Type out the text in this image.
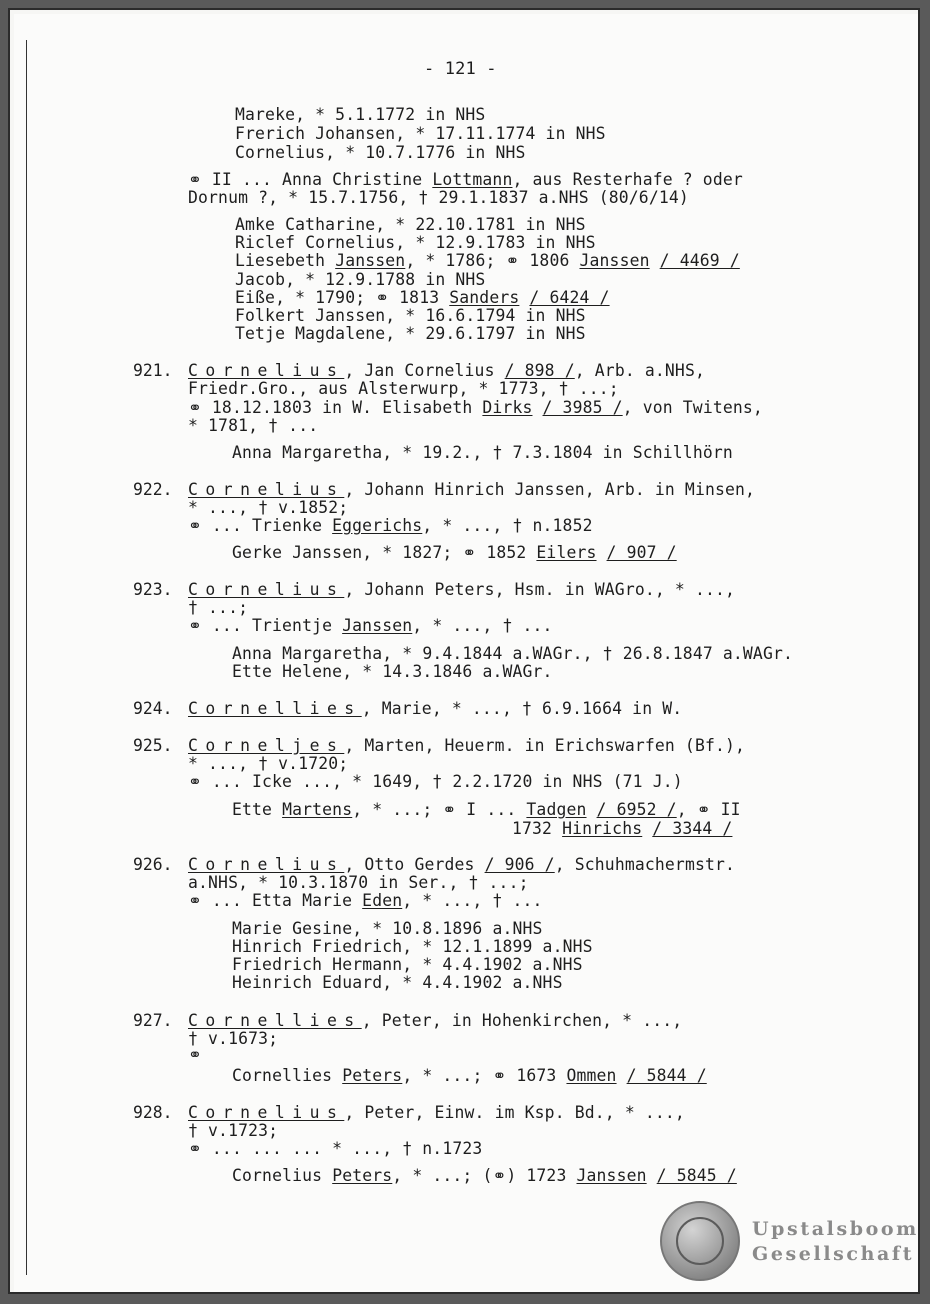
- 121 -
Mareke, * 5.1.1772 in NHS
Frerich Johansen, * 17.11.1774 in NHS
Cornelius, * 10.7.1776 in NHS
⚭ II ... Anna Christine Lottmann, aus Resterhafe ? oder
Dornum ?, * 15.7.1756, † 29.1.1837 a.NHS (80/6/14)
Amke Catharine, * 22.10.1781 in NHS
Riclef Cornelius, * 12.9.1783 in NHS
Liesebeth Janssen, * 1786; ⚭ 1806 Janssen / 4469 /
Jacob, * 12.9.1788 in NHS
Eiße, * 1790; ⚭ 1813 Sanders / 6424 /
Folkert Janssen, * 16.6.1794 in NHS
Tetje Magdalene, * 29.6.1797 in NHS
921. Cornelius, Jan Cornelius / 898 /, Arb. a.NHS,
Friedr.Gro., aus Alsterwurp, * 1773, † ...;
⚭ 18.12.1803 in W. Elisabeth Dirks / 3985 /, von Twitens,
* 1781, † ...
Anna Margaretha, * 19.2., † 7.3.1804 in Schillhörn
922. Cornelius, Johann Hinrich Janssen, Arb. in Minsen,
* ..., † v.1852;
⚭ ... Trienke Eggerichs, * ..., † n.1852
Gerke Janssen, * 1827; ⚭ 1852 Eilers / 907 /
923. Cornelius, Johann Peters, Hsm. in WAGro., * ...,
† ...;
⚭ ... Trientje Janssen, * ..., † ...
Anna Margaretha, * 9.4.1844 a.WAGr., † 26.8.1847 a.WAGr.
Ette Helene, * 14.3.1846 a.WAGr.
924. Cornellies, Marie, * ..., † 6.9.1664 in W.
925. Corneljes, Marten, Heuerm. in Erichswarfen (Bf.),
* ..., † v.1720;
⚭ ... Icke ..., * 1649, † 2.2.1720 in NHS (71 J.)
Ette Martens, * ...; ⚭ I ... Tadgen / 6952 /, ⚭ II
1732 Hinrichs / 3344 /
926. Cornelius, Otto Gerdes / 906 /, Schuhmachermstr.
a.NHS, * 10.3.1870 in Ser., † ...;
⚭ ... Etta Marie Eden, * ..., † ...
Marie Gesine, * 10.8.1896 a.NHS
Hinrich Friedrich, * 12.1.1899 a.NHS
Friedrich Hermann, * 4.4.1902 a.NHS
Heinrich Eduard, * 4.4.1902 a.NHS
927. Cornellies, Peter, in Hohenkirchen, * ...,
† v.1673;
⚭
Cornellies Peters, * ...; ⚭ 1673 Ommen / 5844 /
928. Cornelius, Peter, Einw. im Ksp. Bd., * ...,
† v.1723;
⚭ ... ... ... * ..., † n.1723
Cornelius Peters, * ...; (⚭) 1723 Janssen / 5845 /
Upstalsboom
Gesellschaft
